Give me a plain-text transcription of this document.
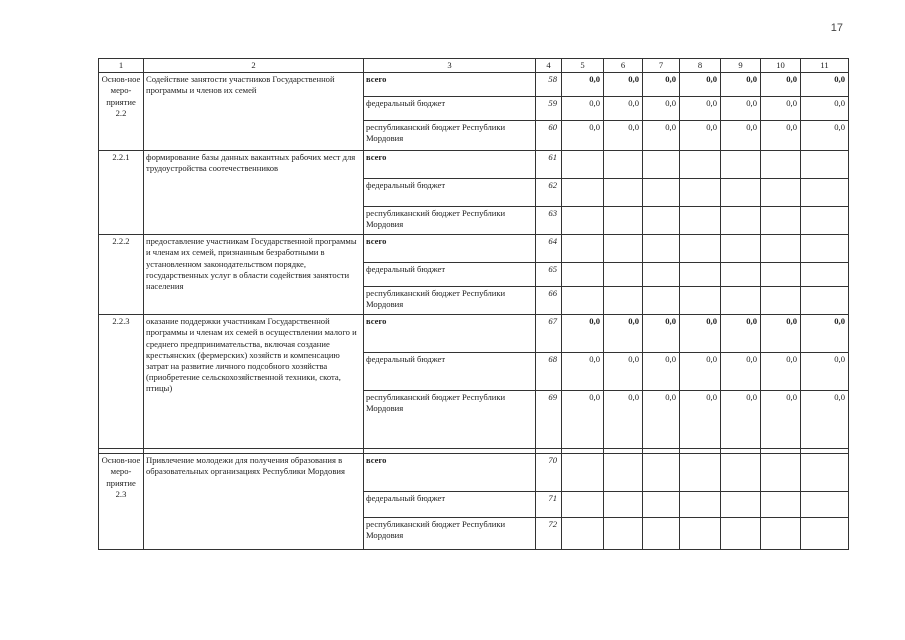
17
1	2	3	4	5	6	7	8	9	10	11
Основ-ное меро-приятие 2.2	Содействие занятости участников Государственной программы и членов их семей	всего	58	0,0	0,0	0,0	0,0	0,0	0,0	0,0
		федеральный бюджет	59	0,0	0,0	0,0	0,0	0,0	0,0	0,0
		республиканский бюджет Республики Мордовия	60	0,0	0,0	0,0	0,0	0,0	0,0	0,0
2.2.1	формирование базы данных вакантных рабочих мест для трудоустройства соотечественников	всего	61							
		федеральный бюджет	62							
		республиканский бюджет Республики Мордовия	63							
2.2.2	предоставление участникам Государственной программы и членам их семей, признанным безработными в установленном законодательством порядке, государственных услуг в области содействия занятости населения	всего	64							
		федеральный бюджет	65							
		республиканский бюджет Республики Мордовия	66							
2.2.3	оказание поддержки участникам Государственной программы и членам их семей в осуществлении малого и среднего предпринимательства, включая создание крестьянских (фермерских) хозяйств и компенсацию затрат на развитие личного подсобного хозяйства (приобретение сельскохозяйственной техники, скота, птицы)	всего	67	0,0	0,0	0,0	0,0	0,0	0,0	0,0
		федеральный бюджет	68	0,0	0,0	0,0	0,0	0,0	0,0	0,0
		республиканский бюджет Республики Мордовия	69	0,0	0,0	0,0	0,0	0,0	0,0	0,0

Основ-ное меро-приятие 2.3	Привлечение молодежи для получения образования в образовательных организациях Республики Мордовия	всего	70							
		федеральный бюджет	71							
		республиканский бюджет Республики Мордовия	72							
